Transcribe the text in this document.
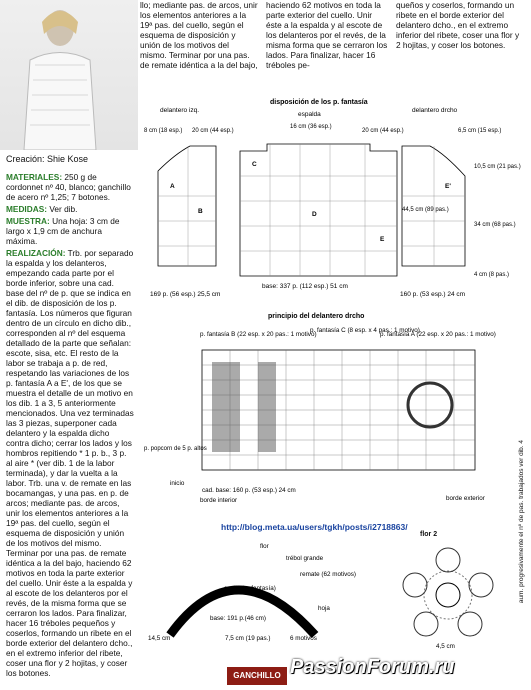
Creación: Shie Kose

MATERIALES: 250 g de cordonnet nº 40, blanco; ganchillo de acero nº 1,25; 7 botones.

MEDIDAS: Ver dib.

MUESTRA: Una hoja: 3 cm de largo x 1,9 cm de anchura máxima.

REALIZACIÓN: Trb. por separado la espalda y los delanteros, empezando cada parte por el borde inferior, sobre una cad. base del nº de p. que se indica en el dib. de disposición de los p. fantasía. Los números que figuran dentro de un círculo en dicho dib., corresponden al nº del esquema detallado de la parte que señalan: escote, sisa, etc. El resto de la labor se trabaja a p. de red, respetando las variaciones de los p. fantasía A a E', de los que se muestra el detalle de un motivo en los dib. 1 a 3, 5 anteriormente mencionados. Una vez terminadas las 3 piezas, superponer cada delantero y la espalda dicho contra dicho; cerrar los lados y los hombros repitiendo * 1 p. b., 3 p. al aire * (ver dib. 1 de la labor terminada), y dar la vuelta a la labor. Trb. una v. de remate en las bocamangas, y una pas. en p. de arcos; mediante pas. de arcos, unir los elementos anteriores a la 19ª pas. del cuello, según el esquema de disposición y unión de los motivos del mismo. Terminar por una pas. de remate idéntica a la del bajo, haciendo 62 motivos en toda la parte exterior del cuello. Unir éste a la espalda y al escote de los delanteros por el revés, de la misma forma que se cerraron los lados. Para finalizar, hacer 16 tréboles pequeños y coserlos, formando un ribete en el borde exterior del delantero dcho., en el extremo inferior del ribete, coser una flor y 2 hojitas, y coser los botones.

llo; mediante pas. de arcos, unir los elementos anteriores a la 19ª pas. del cuello, según el esquema de disposición y unión de los motivos del mismo. Terminar por una pas. de remate idéntica a la del bajo,
haciendo 62 motivos en toda la parte exterior del cuello. Unir éste a la espalda y al escote de los delanteros por el revés, de la misma forma que se cerraron los lados. Para finalizar, hacer 16 tréboles pe-
queños y coserlos, formando un ribete en el borde exterior del delantero dcho., en el extremo inferior del ribete, coser una flor y 2 hojitas, y coser los botones.
disposición de los p. fantasía
delantero izq.
espalda
delantero drcho
A
B
C
D
E
E'
base: 337 p. (112 esp.) 51 cm
169 p. (56 esp.) 25,5 cm	160 p. (53 esp.) 24 cm
10,5 cm (21 pas.)
34 cm (68 pas.)
4 cm (8 pas.)
44,5 cm (89 pas.)
8 cm (18 esp.) 20 cm (44 esp.)
16 cm (36 esp.)
20 cm (44 esp.)	6,5 cm (15 esp.)
principio del delantero drcho
p. fantasía B (22 esp. x 20 pas.: 1 motivo)
p. fantasía C (8 esp. x 4 pas.: 1 motivo)
p. fantasía A (22 esp. x 20 pas.: 1 motivo)
cad. base: 160 p. (53 esp.) 24 cm
inicio
borde interior	borde exterior
p. popcorn de 5 p. altos	aum. progresivamente el nº de pas. trabajados ver dib. 4
http://blog.meta.ua/users/tgkh/posts/i2718863/
flor
trébol grande
remate (62 motivos)
cuello (p. fantasía)
hoja
base: 191 p.(46 cm)
14,5 cm	7,5 cm (19 pas.)	6 motivos
flor 2
4,5 cm
GANCHILLO PassionForum.ru
